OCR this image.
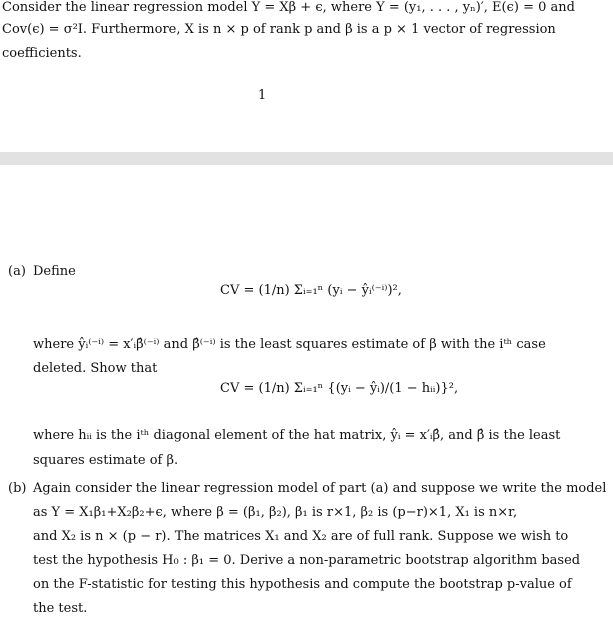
Consider the linear regression model Y = Xβ + ϵ, where Y = (y₁, . . . , yₙ)′, E(ϵ) = 0 and
Cov(ϵ) = σ²I. Furthermore, X is n × p of rank p and β is a p × 1 vector of regression
coefficients.
1
(a) Define
CV = (1/n) Σᵢ₌₁ⁿ (yᵢ − ŷᵢ⁽⁻ⁱ⁾)²,
where ŷᵢ⁽⁻ⁱ⁾ = x′ᵢβ̂⁽⁻ⁱ⁾ and β̂⁽⁻ⁱ⁾ is the least squares estimate of β with the iᵗʰ case
deleted. Show that
CV = (1/n) Σᵢ₌₁ⁿ {(yᵢ − ŷᵢ)/(1 − hᵢᵢ)}²,
where hᵢᵢ is the iᵗʰ diagonal element of the hat matrix, ŷᵢ = x′ᵢβ̂, and β̂ is the least
squares estimate of β.
(b) Again consider the linear regression model of part (a) and suppose we write the model
as Y = X₁β₁+X₂β₂+ϵ, where β = (β₁, β₂), β₁ is r×1, β₂ is (p−r)×1, X₁ is n×r,
and X₂ is n × (p − r). The matrices X₁ and X₂ are of full rank. Suppose we wish to
test the hypothesis H₀ : β₁ = 0. Derive a non-parametric bootstrap algorithm based
on the F-statistic for testing this hypothesis and compute the bootstrap p-value of
the test.
